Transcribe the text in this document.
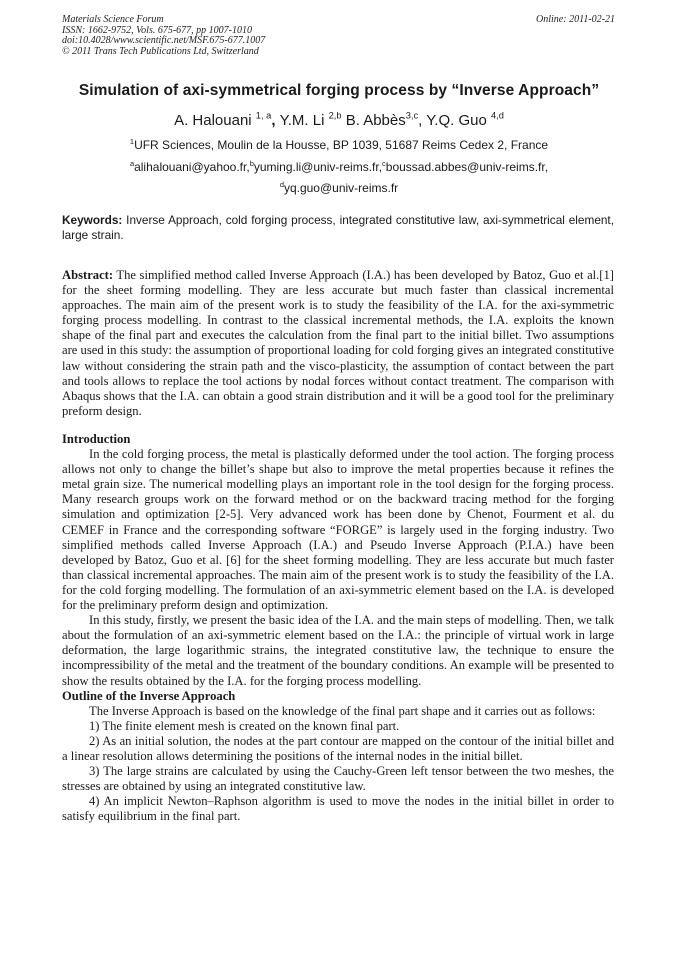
Materials Science Forum
ISSN: 1662-9752, Vols. 675-677, pp 1007-1010
doi:10.4028/www.scientific.net/MSF.675-677.1007
© 2011 Trans Tech Publications Ltd, Switzerland
Online: 2011-02-21
Simulation of axi-symmetrical forging process by “Inverse Approach”
A. Halouani $^{1, a}$, Y.M. Li $^{2,b}$ B. Abbès$^{3,c}$, Y.Q. Guo $^{4,d}$
$^1$UFR Sciences, Moulin de la Housse, BP 1039, 51687 Reims Cedex 2, France
$^a$alihalouani@yahoo.fr,$^b$yuming.li@univ-reims.fr,$^c$boussad.abbes@univ-reims.fr,
$^d$yq.guo@univ-reims.fr
Keywords: Inverse Approach, cold forging process, integrated constitutive law, axi-symmetrical element, large strain.

Abstract: The simplified method called Inverse Approach (I.A.) has been developed by Batoz, Guo et al.[1] for the sheet forming modelling. They are less accurate but much faster than classical incremental approaches. The main aim of the present work is to study the feasibility of the I.A. for the axi-symmetric forging process modelling. In contrast to the classical incremental methods, the I.A. exploits the known shape of the final part and executes the calculation from the final part to the initial billet. Two assumptions are used in this study: the assumption of proportional loading for cold forging gives an integrated constitutive law without considering the strain path and the visco-plasticity, the assumption of contact between the part and tools allows to replace the tool actions by nodal forces without contact treatment. The comparison with Abaqus shows that the I.A. can obtain a good strain distribution and it will be a good tool for the preliminary preform design.

Introduction

In the cold forging process, the metal is plastically deformed under the tool action. The forging process allows not only to change the billet’s shape but also to improve the metal properties because it refines the metal grain size. The numerical modelling plays an important role in the tool design for the forging process. Many research groups work on the forward method or on the backward tracing method for the forging simulation and optimization [2-5]. Very advanced work has been done by Chenot, Fourment et al. du CEMEF in France and the corresponding software “FORGE” is largely used in the forging industry. Two simplified methods called Inverse Approach (I.A.) and Pseudo Inverse Approach (P.I.A.) have been developed by Batoz, Guo et al. [6] for the sheet forming modelling. They are less accurate but much faster than classical incremental approaches. The main aim of the present work is to study the feasibility of the I.A. for the cold forging modelling. The formulation of an axi-symmetric element based on the I.A. is developed for the preliminary preform design and optimization.

In this study, firstly, we present the basic idea of the I.A. and the main steps of modelling. Then, we talk about the formulation of an axi-symmetric element based on the I.A.: the principle of virtual work in large deformation, the large logarithmic strains, the integrated constitutive law, the technique to ensure the incompressibility of the metal and the treatment of the boundary conditions. An example will be presented to show the results obtained by the I.A. for the forging process modelling.

Outline of the Inverse Approach

The Inverse Approach is based on the knowledge of the final part shape and it carries out as follows:

1) The finite element mesh is created on the known final part.

2) As an initial solution, the nodes at the part contour are mapped on the contour of the initial billet and a linear resolution allows determining the positions of the internal nodes in the initial billet.

3) The large strains are calculated by using the Cauchy-Green left tensor between the two meshes, the stresses are obtained by using an integrated constitutive law.

4) An implicit Newton–Raphson algorithm is used to move the nodes in the initial billet in order to satisfy equilibrium in the final part.
